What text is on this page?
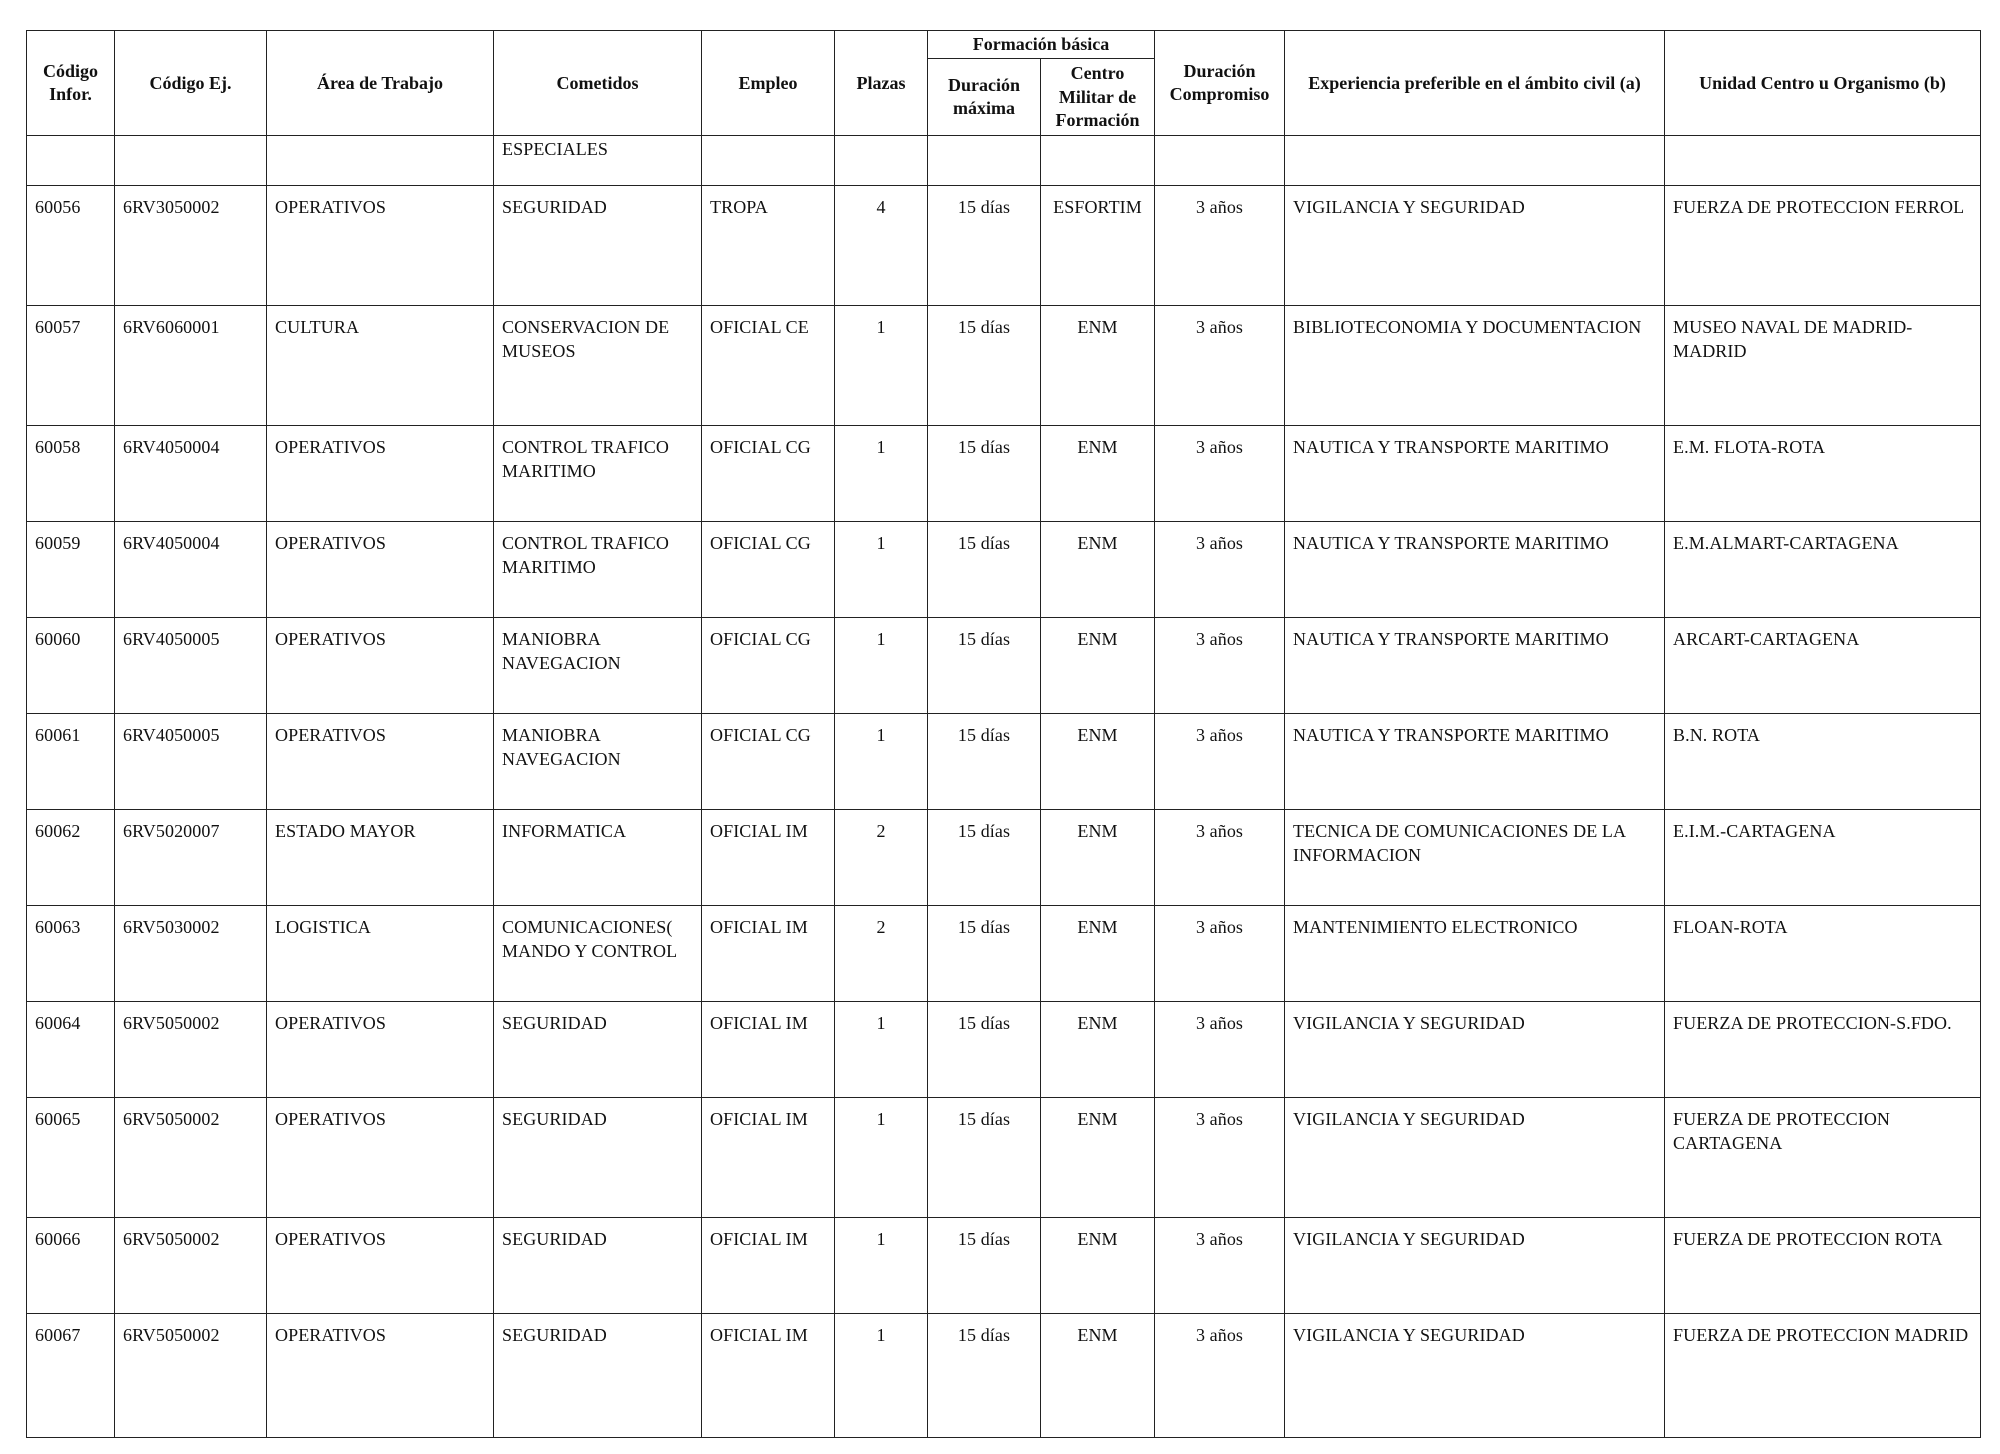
Código Infor.	Código Ej.	Área de Trabajo	Cometidos	Empleo	Plazas	Formación básica		Duración Compromiso	Experiencia preferible en el ámbito civil (a)	Unidad Centro u Organismo (b)
						Duración máxima	Centro Militar de Formación			
			ESPECIALES							
60056	6RV3050002	OPERATIVOS	SEGURIDAD	TROPA	4	15 días	ESFORTIM	3 años	VIGILANCIA Y SEGURIDAD	FUERZA DE PROTECCION FERROL
60057	6RV6060001	CULTURA	CONSERVACION DE MUSEOS	OFICIAL CE	1	15 días	ENM	3 años	BIBLIOTECONOMIA Y DOCUMENTACION	MUSEO NAVAL DE MADRID-MADRID
60058	6RV4050004	OPERATIVOS	CONTROL TRAFICO MARITIMO	OFICIAL CG	1	15 días	ENM	3 años	NAUTICA Y TRANSPORTE MARITIMO	E.M. FLOTA-ROTA
60059	6RV4050004	OPERATIVOS	CONTROL TRAFICO MARITIMO	OFICIAL CG	1	15 días	ENM	3 años	NAUTICA Y TRANSPORTE MARITIMO	E.M.ALMART-CARTAGENA
60060	6RV4050005	OPERATIVOS	MANIOBRA NAVEGACION	OFICIAL CG	1	15 días	ENM	3 años	NAUTICA Y TRANSPORTE MARITIMO	ARCART-CARTAGENA
60061	6RV4050005	OPERATIVOS	MANIOBRA NAVEGACION	OFICIAL CG	1	15 días	ENM	3 años	NAUTICA Y TRANSPORTE MARITIMO	B.N. ROTA
60062	6RV5020007	ESTADO MAYOR	INFORMATICA	OFICIAL IM	2	15 días	ENM	3 años	TECNICA DE COMUNICACIONES DE LA INFORMACION	E.I.M.-CARTAGENA
60063	6RV5030002	LOGISTICA	COMUNICACIONES( MANDO Y CONTROL	OFICIAL IM	2	15 días	ENM	3 años	MANTENIMIENTO ELECTRONICO	FLOAN-ROTA
60064	6RV5050002	OPERATIVOS	SEGURIDAD	OFICIAL IM	1	15 días	ENM	3 años	VIGILANCIA Y SEGURIDAD	FUERZA DE PROTECCION-S.FDO.
60065	6RV5050002	OPERATIVOS	SEGURIDAD	OFICIAL IM	1	15 días	ENM	3 años	VIGILANCIA Y SEGURIDAD	FUERZA DE PROTECCION CARTAGENA
60066	6RV5050002	OPERATIVOS	SEGURIDAD	OFICIAL IM	1	15 días	ENM	3 años	VIGILANCIA Y SEGURIDAD	FUERZA DE PROTECCION ROTA
60067	6RV5050002	OPERATIVOS	SEGURIDAD	OFICIAL IM	1	15 días	ENM	3 años	VIGILANCIA Y SEGURIDAD	FUERZA DE PROTECCION MADRID
